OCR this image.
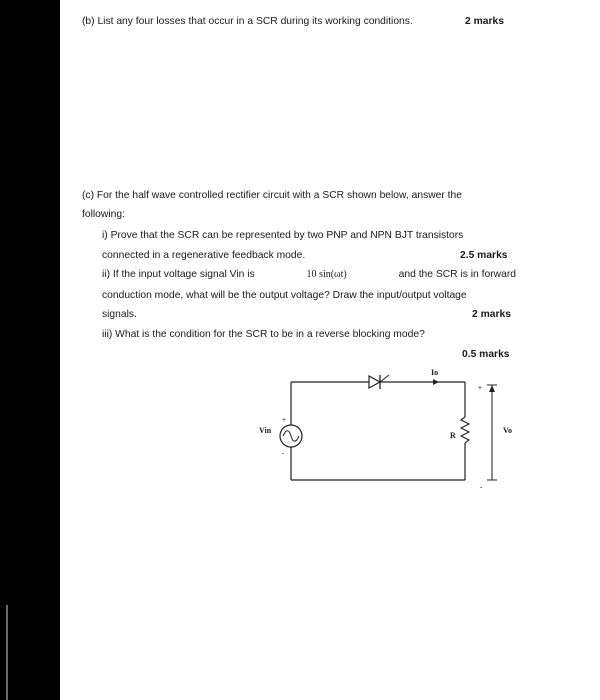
(b) List any four losses that occur in a SCR during its working conditions.	2 marks
(c) For the half wave controlled rectifier circuit with a SCR shown below, answer the
following:
i) Prove that the SCR can be represented by two PNP and NPN BJT transistors
connected in a regenerative feedback mode.	2.5 marks
ii) If the input voltage signal Vin is	10 sin(ωt)	and the SCR is in forward
conduction mode, what will be the output voltage? Draw the input/output voltage
signals.	2 marks
iii) What is the condition for the SCR to be in a reverse blocking mode?
0.5 marks
Io
R
+
-
Vin
+
-
Vo
